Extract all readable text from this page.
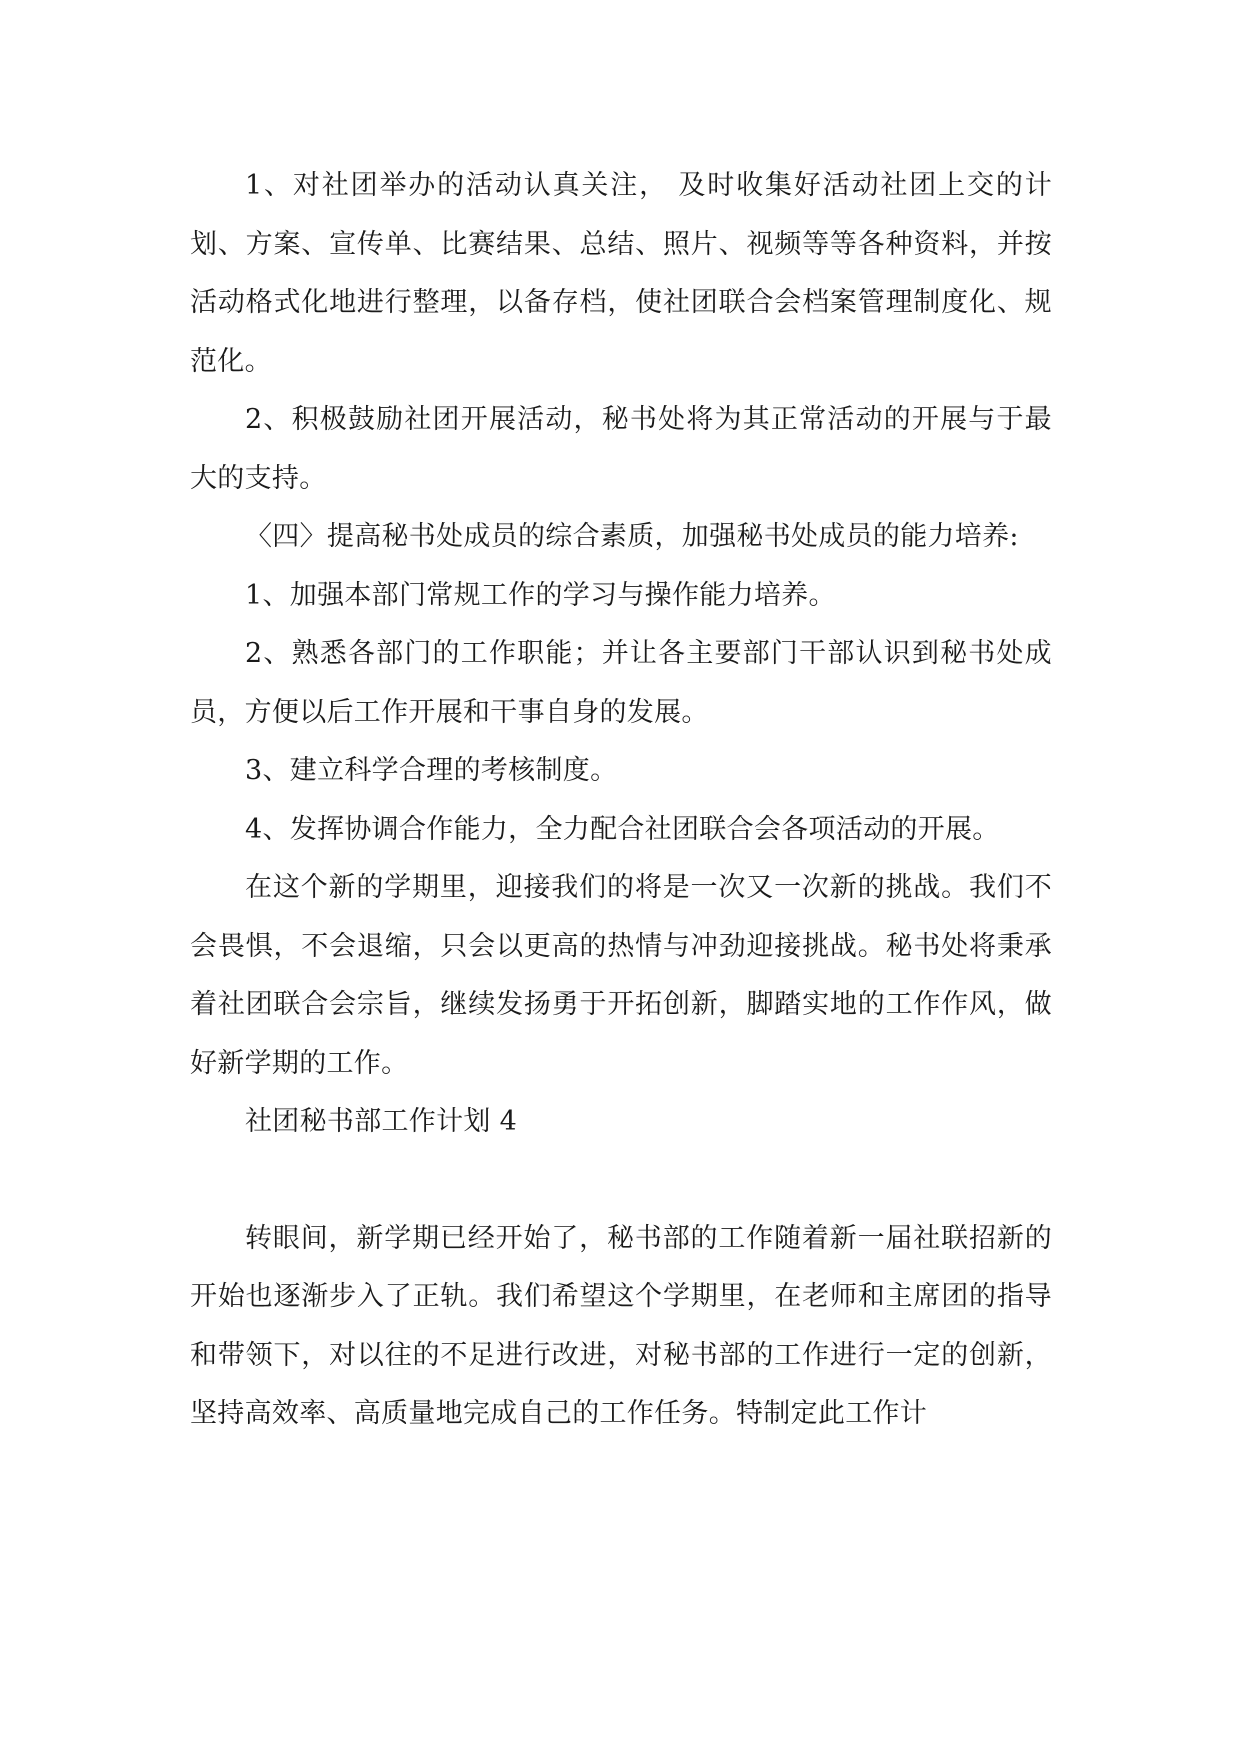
1、对社团举办的活动认真关注， 及时收集好活动社团上交的计划、方案、宣传单、比赛结果、总结、照片、视频等等各种资料，并按活动格式化地进行整理，以备存档，使社团联合会档案管理制度化、规范化。

2、积极鼓励社团开展活动，秘书处将为其正常活动的开展与于最大的支持。

〈四〉提高秘书处成员的综合素质，加强秘书处成员的能力培养:

1、加强本部门常规工作的学习与操作能力培养。

2、熟悉各部门的工作职能；并让各主要部门干部认识到秘书处成员，方便以后工作开展和干事自身的发展。

3、建立科学合理的考核制度。

4、发挥协调合作能力，全力配合社团联合会各项活动的开展。

在这个新的学期里，迎接我们的将是一次又一次新的挑战。我们不会畏惧，不会退缩，只会以更高的热情与冲劲迎接挑战。秘书处将秉承着社团联合会宗旨，继续发扬勇于开拓创新，脚踏实地的工作作风，做好新学期的工作。

社团秘书部工作计划 4

转眼间，新学期已经开始了，秘书部的工作随着新一届社联招新的开始也逐渐步入了正轨。我们希望这个学期里，在老师和主席团的指导和带领下，对以往的不足进行改进，对秘书部的工作进行一定的创新，坚持高效率、高质量地完成自己的工作任务。特制定此工作计
